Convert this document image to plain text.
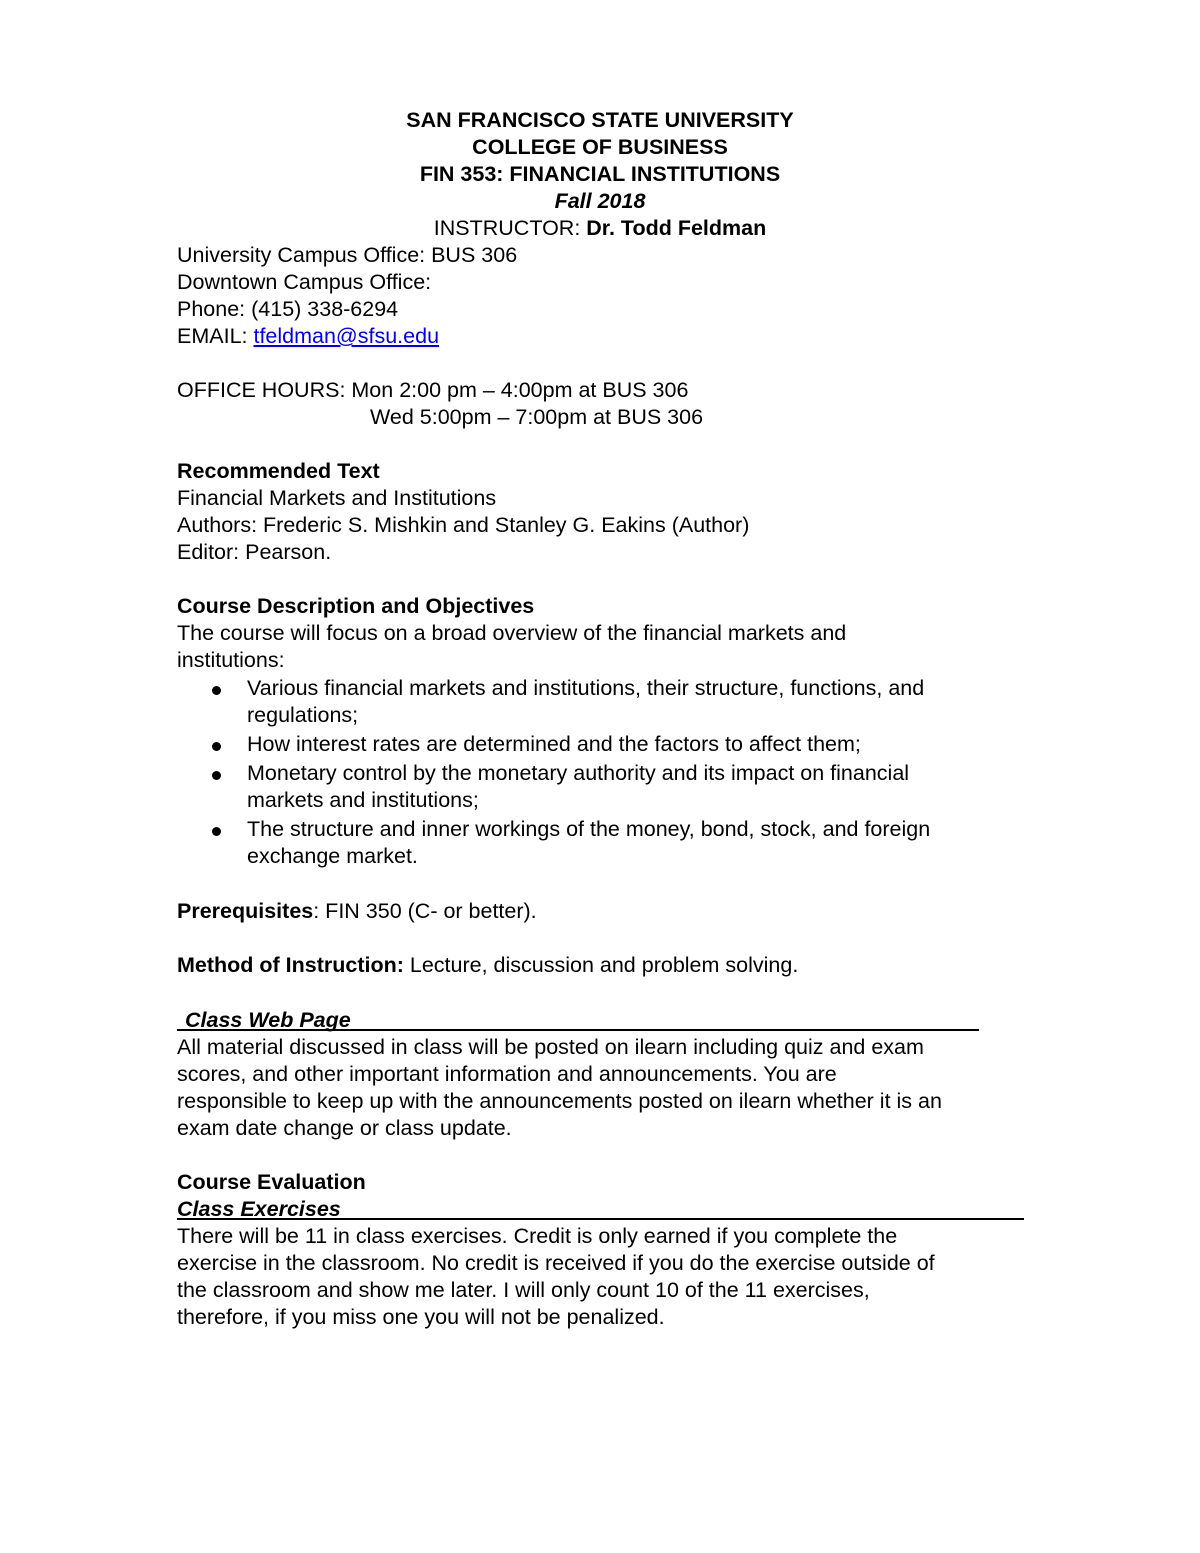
SAN FRANCISCO STATE UNIVERSITY
COLLEGE OF BUSINESS
FIN 353: FINANCIAL INSTITUTIONS
Fall 2018
INSTRUCTOR: Dr. Todd Feldman
University Campus Office: BUS 306
Downtown Campus Office:
Phone: (415) 338-6294
EMAIL: tfeldman@sfsu.edu
OFFICE HOURS: Mon 2:00 pm – 4:00pm at BUS 306
Wed 5:00pm – 7:00pm at BUS 306
Recommended Text
Financial Markets and Institutions
Authors: Frederic S. Mishkin and Stanley G. Eakins (Author)
Editor: Pearson.
Course Description and Objectives
The course will focus on a broad overview of the financial markets and
institutions:
Various financial markets and institutions, their structure, functions, and
regulations;
How interest rates are determined and the factors to affect them;
Monetary control by the monetary authority and its impact on financial
markets and institutions;
The structure and inner workings of the money, bond, stock, and foreign
exchange market.
Prerequisites: FIN 350 (C- or better).
Method of Instruction: Lecture, discussion and problem solving.
Class Web Page
All material discussed in class will be posted on ilearn including quiz and exam
scores, and other important information and announcements. You are
responsible to keep up with the announcements posted on ilearn whether it is an
exam date change or class update.
Course Evaluation
Class Exercises
There will be 11 in class exercises. Credit is only earned if you complete the
exercise in the classroom. No credit is received if you do the exercise outside of
the classroom and show me later. I will only count 10 of the 11 exercises,
therefore, if you miss one you will not be penalized.
